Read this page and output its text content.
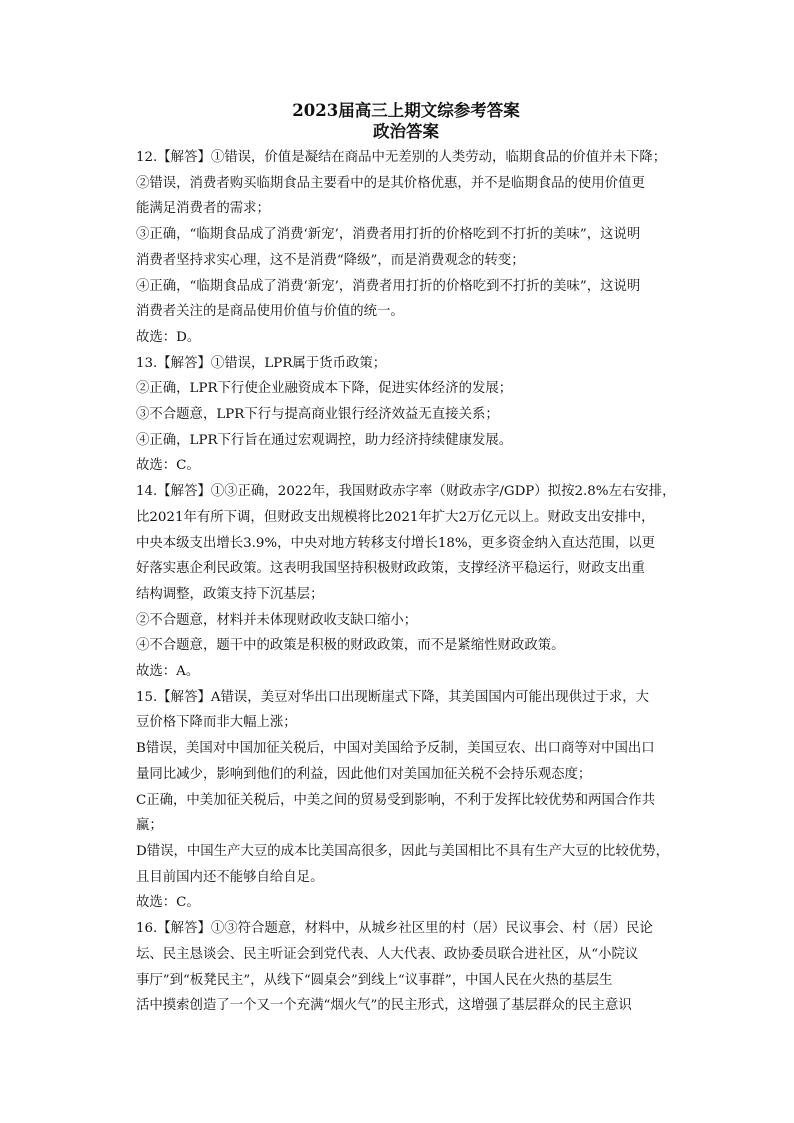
2023届高三上期文综参考答案
政治答案

12.【解答】①错误，价值是凝结在商品中无差别的人类劳动，临期食品的价值并未下降；

②错误，消费者购买临期食品主要看中的是其价格优惠，并不是临期食品的使用价值更

能满足消费者的需求；

③正确，“临期食品成了消费‘新宠’，消费者用打折的价格吃到不打折的美味”，这说明

消费者坚持求实心理，这不是消费“降级”，而是消费观念的转变；

④正确，“临期食品成了消费‘新宠’，消费者用打折的价格吃到不打折的美味”，这说明

消费者关注的是商品使用价值与价值的统一。

故选：D。

13.【解答】①错误，LPR属于货币政策；

②正确，LPR下行使企业融资成本下降，促进实体经济的发展；

③不合题意，LPR下行与提高商业银行经济效益无直接关系；

④正确，LPR下行旨在通过宏观调控，助力经济持续健康发展。

故选：C。

14.【解答】①③正确，2022年，我国财政赤字率（财政赤字/GDP）拟按2.8%左右安排，

比2021年有所下调，但财政支出规模将比2021年扩大2万亿元以上。财政支出安排中，

中央本级支出增长3.9%，中央对地方转移支付增长18%，更多资金纳入直达范围，以更

好落实惠企利民政策。这表明我国坚持积极财政政策，支撑经济平稳运行，财政支出重

结构调整，政策支持下沉基层；

②不合题意，材料并未体现财政收支缺口缩小；

④不合题意，题干中的政策是积极的财政政策，而不是紧缩性财政政策。

故选：A。

15.【解答】A错误，美豆对华出口出现断崖式下降，其美国国内可能出现供过于求，大

豆价格下降而非大幅上涨；

B错误，美国对中国加征关税后，中国对美国给予反制，美国豆农、出口商等对中国出口

量同比减少，影响到他们的利益，因此他们对美国加征关税不会持乐观态度；

C正确，中美加征关税后，中美之间的贸易受到影响，不利于发挥比较优势和两国合作共

赢；

D错误，中国生产大豆的成本比美国高很多，因此与美国相比不具有生产大豆的比较优势，

且目前国内还不能够自给自足。

故选：C。

16.【解答】①③符合题意，材料中，从城乡社区里的村（居）民议事会、村（居）民论

坛、民主恳谈会、民主听证会到党代表、人大代表、政协委员联合进社区，从“小院议

事厅”到“板凳民主”，从线下“圆桌会”到线上“议事群”，中国人民在火热的基层生

活中摸索创造了一个又一个充满“烟火气”的民主形式，这增强了基层群众的民主意识
